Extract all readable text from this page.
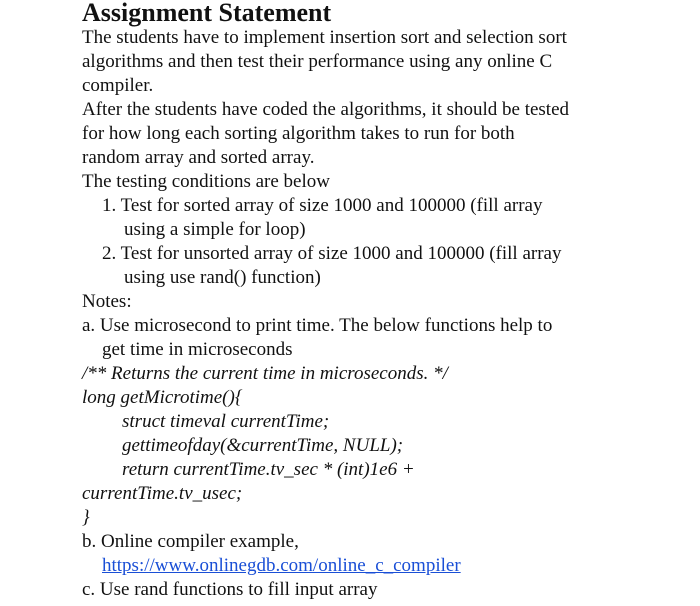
Assignment Statement
The students have to implement insertion sort and selection sort
algorithms and then test their performance using any online C
compiler.
After the students have coded the algorithms, it should be tested
for how long each sorting algorithm takes to run for both
random array and sorted array.
The testing conditions are below
1. Test for sorted array of size 1000 and 100000 (fill array
using a simple for loop)
2. Test for unsorted array of size 1000 and 100000 (fill array
using use rand() function)
Notes:
a. Use microsecond to print time. The below functions help to
get time in microseconds
/** Returns the current time in microseconds. */
long getMicrotime(){
struct timeval currentTime;
gettimeofday(&currentTime, NULL);
return currentTime.tv_sec * (int)1e6 +
currentTime.tv_usec;
}
b. Online compiler example,
https://www.onlinegdb.com/online_c_compiler
c. Use rand functions to fill input array
